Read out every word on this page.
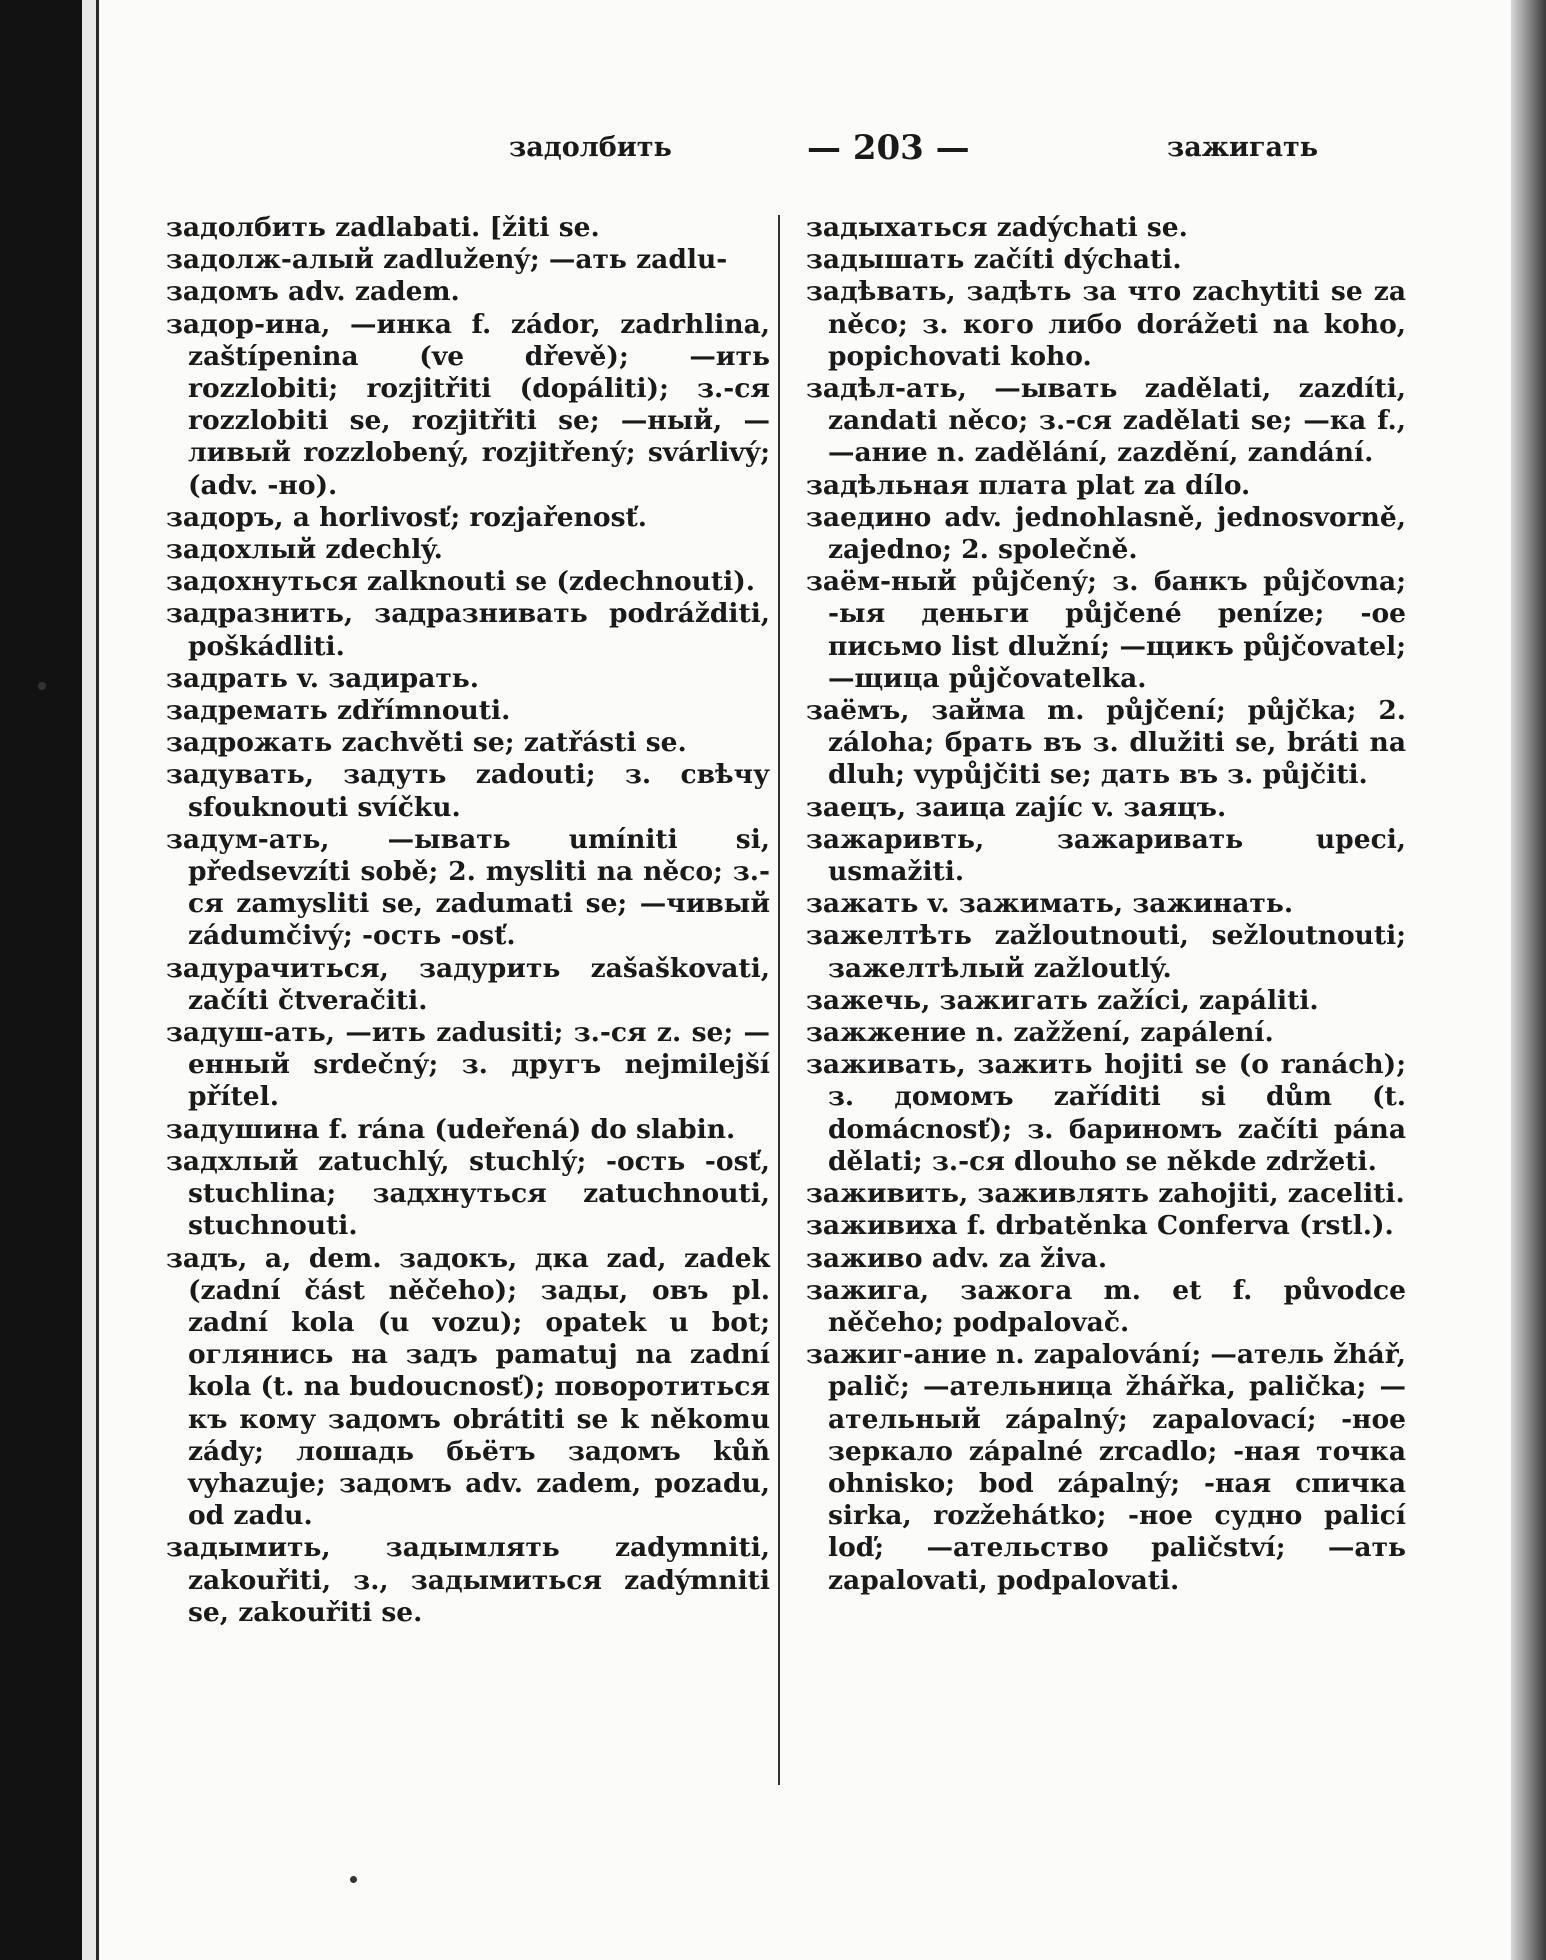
задолбить	— 203 —	зажигать

задолбить zadlabati. [žiti se.

задолж-алый zadlužený; —ать zadlu-

задомъ adv. zadem.

задор-ина, —инка f. zádor, zadrhlina, zaštípenina (ve dřevě); —ить rozzlobiti; rozjitřiti (dopáliti); з.-ся rozzlobiti se, rozjitřiti se; —ный, —ливый rozzlobený, rozjitřený; svárlivý; (adv. -но).

задоръ, а horlivosť; rozjařenosť.

задохлый zdechlý.

задохнуться zalknouti se (zdechnouti).

задразнить, задразнивать podrážditi, poškádliti.

задрать v. задирать.

задремать zdřímnouti.

задрожать zachvěti se; zatřásti se.

задувать, задуть zadouti; з. свѣчу sfouknouti svíčku.

задум-ать, —ывать umíniti si, předsevzíti sobě; 2. mysliti na něco; з.-ся zamysliti se, zadumati se; —чивый zádumčivý; -ость -osť.

задурачиться, задурить zašaškovati, začíti čtveračiti.

задуш-ать, —ить zadusiti; з.-ся z. se; —енный srdečný; з. другъ nejmilejší přítel.

задушина f. rána (udeřená) do slabin.

задхлый zatuchlý, stuchlý; -ость -osť, stuchlina; задхнуться zatuchnouti, stuchnouti.

задъ, а, dem. задокъ, дка zad, zadek (zadní část něčeho); зады, овъ pl. zadní kola (u vozu); opatek u bot; оглянись на задъ pamatuj na zadní kola (t. na budoucnosť); поворотиться къ кому задомъ obrátiti se k někomu zády; лошадь бьётъ задомъ kůň vyhazuje; задомъ adv. zadem, pozadu, od zadu.

задымить, задымлять zadymniti, zakouřiti, з., задымиться zadýmniti se, zakouřiti se.

задыхаться zadýchati se.

задышать začíti dýchati.

задѣвать, задѣть за что zachytiti se za něco; з. кого либо dorážeti na koho, popichovati koho.

задѣл-ать, —ывать zadělati, zazdíti, zandati něco; з.-ся zadělati se; —ка f., —ание n. zadělání, zazdění, zandání.

задѣльная плата plat za dílo.

заедино adv. jednohlasně, jednosvorně, zajedno; 2. společně.

заём-ный půjčený; з. банкъ půjčovna; -ыя деньги půjčené peníze; -ое письмо list dlužní; —щикъ půjčovatel; —щица půjčovatelka.

заёмъ, займа m. půjčení; půjčka; 2. záloha; брать въ з. dlužiti se, bráti na dluh; vypůjčiti se; дать въ з. půjčiti.

заецъ, заица zajíc v. заяцъ.

зажаривть, зажаривать upeci, usmažiti.

зажать v. зажимать, зажинать.

зажелтѣть zažloutnouti, sežloutnouti; зажелтѣлый zažloutlý.

зажечь, зажигать zažíci, zapáliti.

зажжение n. zažžení, zapálení.

заживать, зажить hojiti se (o ranách); з. домомъ zaříditi si dům (t. domácnosť); з. бариномъ začíti pána dělati; з.-ся dlouho se někde zdržeti.

заживить, заживлять zahojiti, zaceliti.

заживиха f. drbatěnka Conferva (rstl.).

заживо adv. za živa.

зажига, зажога m. et f. původce něčeho; podpalovač.

зажиг-ание n. zapalování; —атель žhář, palič; —ательница žhářka, palička; —ательный zápalný; zapalovací; -ное зеркало zápalné zrcadlo; -ная точка ohnisko; bod zápalný; -ная спичка sirka, rozžehátko; -ное судно palicí loď; —ательство paličství; —ать zapalovati, podpalovati.
